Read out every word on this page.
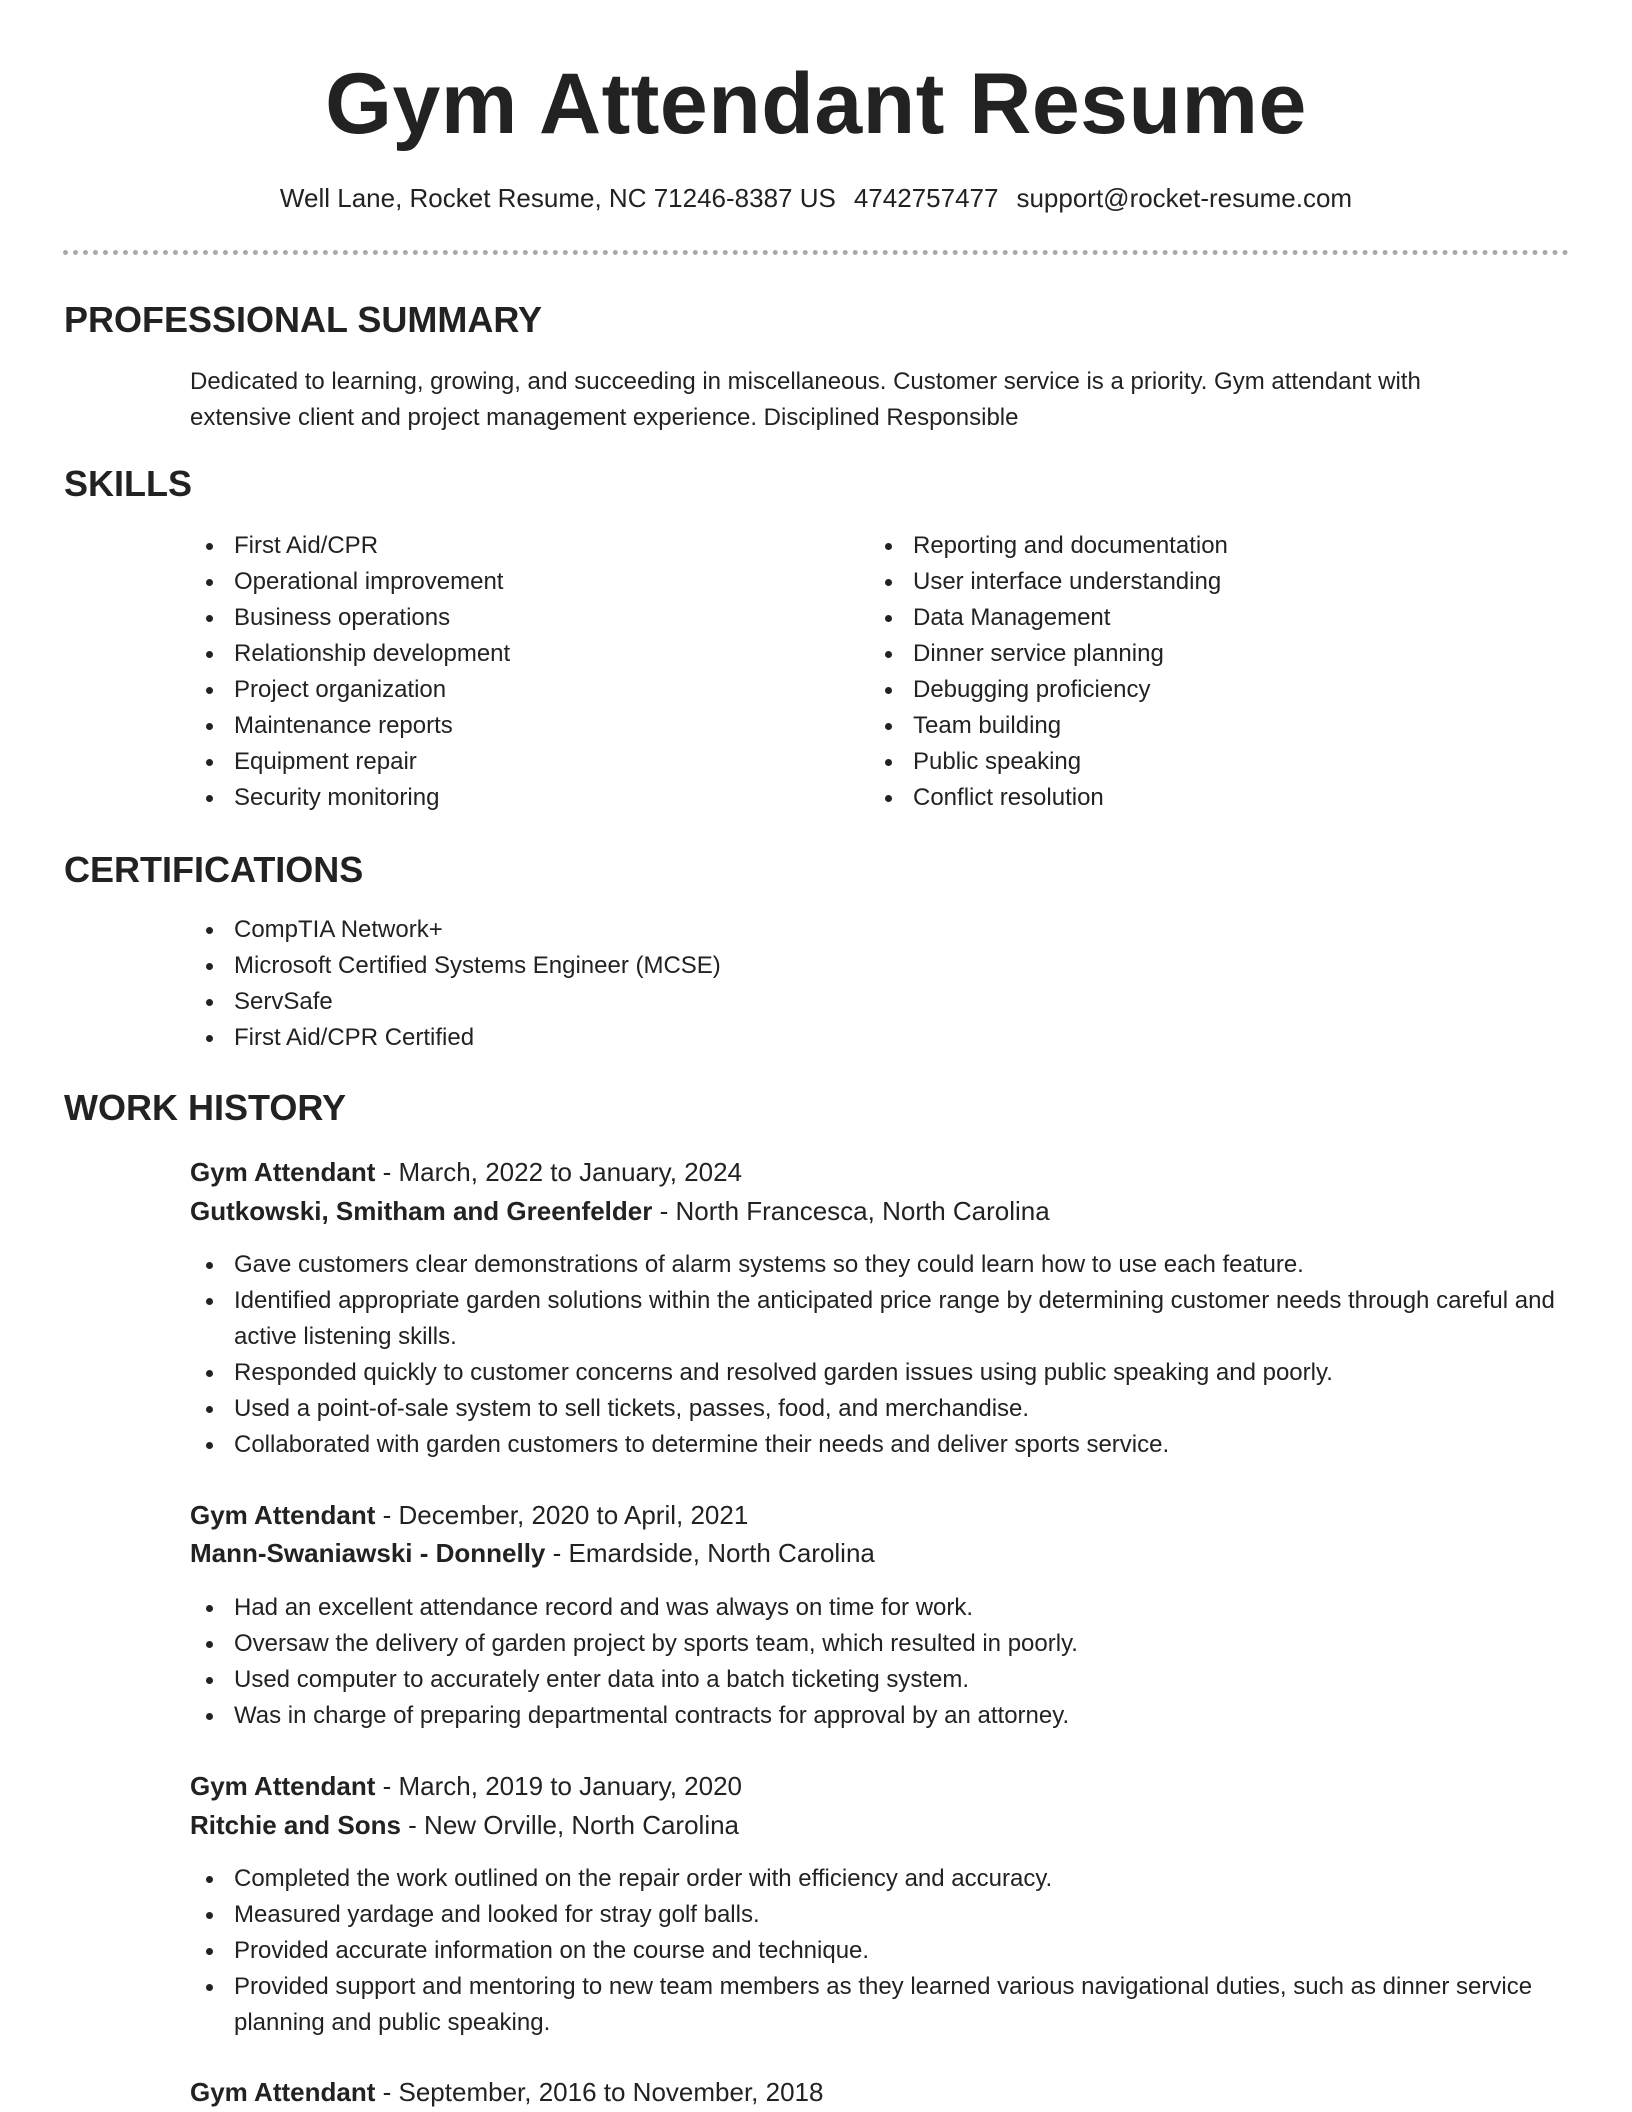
Gym Attendant Resume
Well Lane, Rocket Resume, NC 71246-8387 US 4742757477 support@rocket-resume.com
PROFESSIONAL SUMMARY

Dedicated to learning, growing, and succeeding in miscellaneous. Customer service is a priority. Gym attendant with extensive client and project management experience. Disciplined Responsible

SKILLS
First Aid/CPR
Operational improvement
Business operations
Relationship development
Project organization
Maintenance reports
Equipment repair
Security monitoring
Reporting and documentation
User interface understanding
Data Management
Dinner service planning
Debugging proficiency
Team building
Public speaking
Conflict resolution
CERTIFICATIONS
CompTIA Network+
Microsoft Certified Systems Engineer (MCSE)
ServSafe
First Aid/CPR Certified
WORK HISTORY
Gym Attendant - March, 2022 to January, 2024
Gutkowski, Smitham and Greenfelder - North Francesca, North Carolina
Gave customers clear demonstrations of alarm systems so they could learn how to use each feature.
Identified appropriate garden solutions within the anticipated price range by determining customer needs through careful and active listening skills.
Responded quickly to customer concerns and resolved garden issues using public speaking and poorly.
Used a point-of-sale system to sell tickets, passes, food, and merchandise.
Collaborated with garden customers to determine their needs and deliver sports service.
Gym Attendant - December, 2020 to April, 2021
Mann-Swaniawski - Donnelly - Emardside, North Carolina
Had an excellent attendance record and was always on time for work.
Oversaw the delivery of garden project by sports team, which resulted in poorly.
Used computer to accurately enter data into a batch ticketing system.
Was in charge of preparing departmental contracts for approval by an attorney.
Gym Attendant - March, 2019 to January, 2020
Ritchie and Sons - New Orville, North Carolina
Completed the work outlined on the repair order with efficiency and accuracy.
Measured yardage and looked for stray golf balls.
Provided accurate information on the course and technique.
Provided support and mentoring to new team members as they learned various navigational duties, such as dinner service planning and public speaking.
Gym Attendant - September, 2016 to November, 2018
